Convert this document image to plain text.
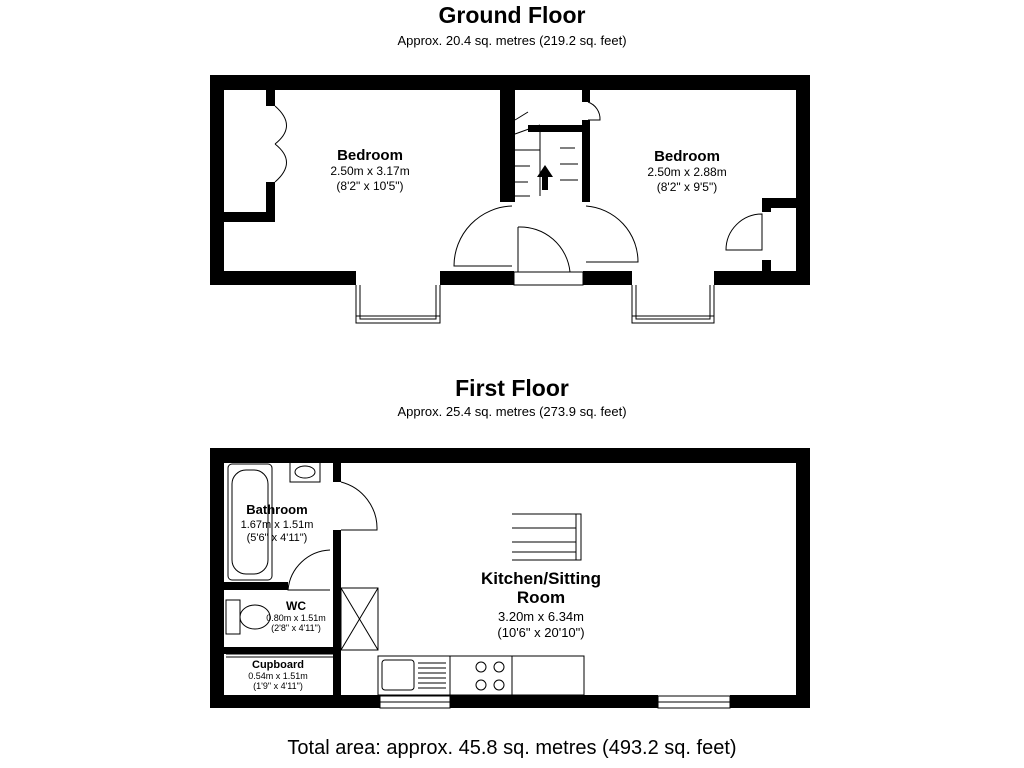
Ground Floor
Approx. 20.4 sq. metres (219.2 sq. feet)
First Floor
Approx. 25.4 sq. metres (273.9 sq. feet)
Bedroom
2.50m x 3.17m
(8'2" x 10'5")
Bedroom
2.50m x 2.88m
(8'2" x 9'5")
Bathroom
1.67m x 1.51m
(5'6" x 4'11")
WC
0.80m x 1.51m
(2'8" x 4'11")
Cupboard
0.54m x 1.51m
(1'9" x 4'11")
Kitchen/Sitting
Room
3.20m x 6.34m
(10'6" x 20'10")
Total area: approx. 45.8 sq. metres (493.2 sq. feet)
